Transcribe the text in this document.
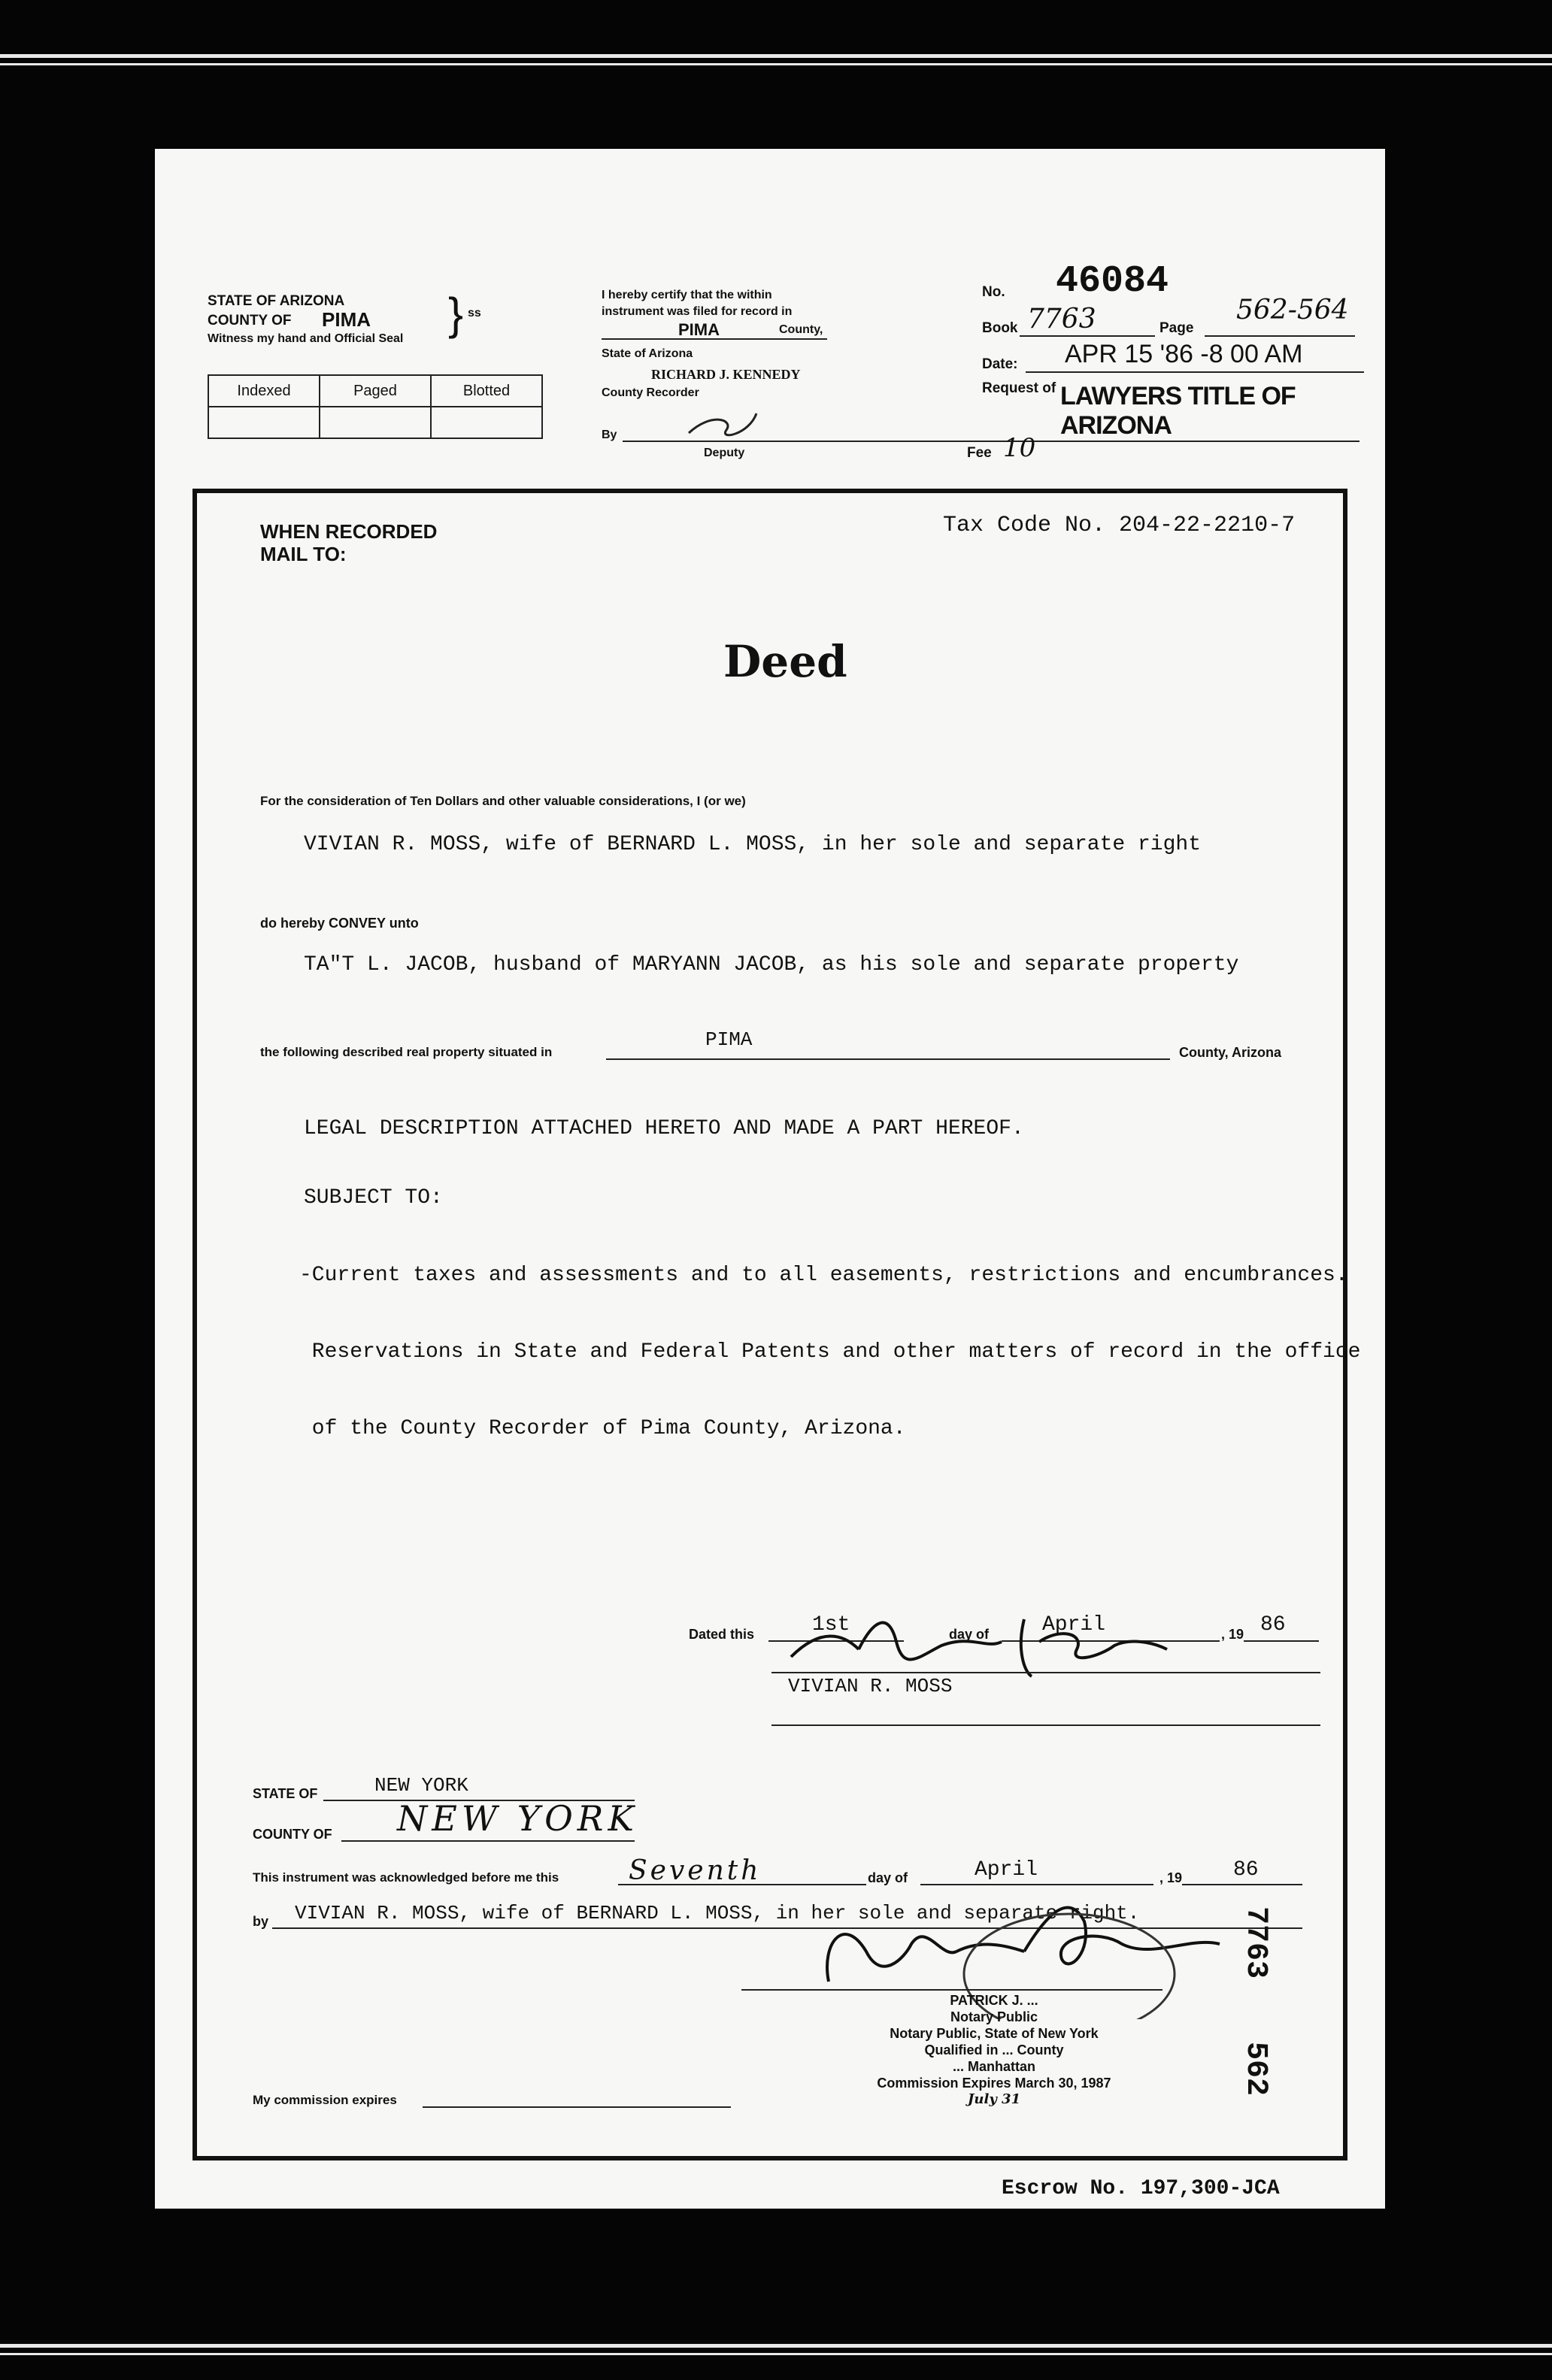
STATE OF ARIZONA
COUNTY OF PIMA } ss
Witness my hand and Official Seal
Indexed	Paged	Blotted

I hereby certify that the within
instrument was filed for record in
PIMA	County,
State of Arizona
RICHARD J. KENNEDY
County Recorder
By
Deputy
No. 46084
Book 7763	Page
562-564
Date: APR 15 '86 -8 00 AM
Request of LAWYERS TITLE OF ARIZONA
Fee 10
WHEN RECORDED
MAIL TO:
Tax Code No. 204-22-2210-7
Deed
For the consideration of Ten Dollars and other valuable considerations, I (or we)
VIVIAN R. MOSS, wife of BERNARD L. MOSS, in her sole and separate right
do hereby CONVEY unto
TA"T L. JACOB, husband of MARYANN JACOB, as his sole and separate property
the following described real property situated in
PIMA
County, Arizona
LEGAL DESCRIPTION ATTACHED HERETO AND MADE A PART HEREOF.
SUBJECT TO:

-Current taxes and assessments and to all easements, restrictions and encumbrances.

Reservations in State and Federal Patents and other matters of record in the office

of the County Recorder of Pima County, Arizona.

Dated this	1st	day of	April	, 19 86
VIVIAN R. MOSS
STATE OF	NEW YORK
COUNTY OF NEW YORK
This instrument was acknowledged before me this	Seventh	day of	April	, 19 86
by VIVIAN R. MOSS, wife of BERNARD L. MOSS, in her sole and separate right.
PATRICK J. ...
Notary Public
Notary Public, State of New York
Qualified in ... County
... Manhattan
Commission Expires March 30, 1987
July 31
My commission expires
7763
562
Escrow No. 197,300-JCA
